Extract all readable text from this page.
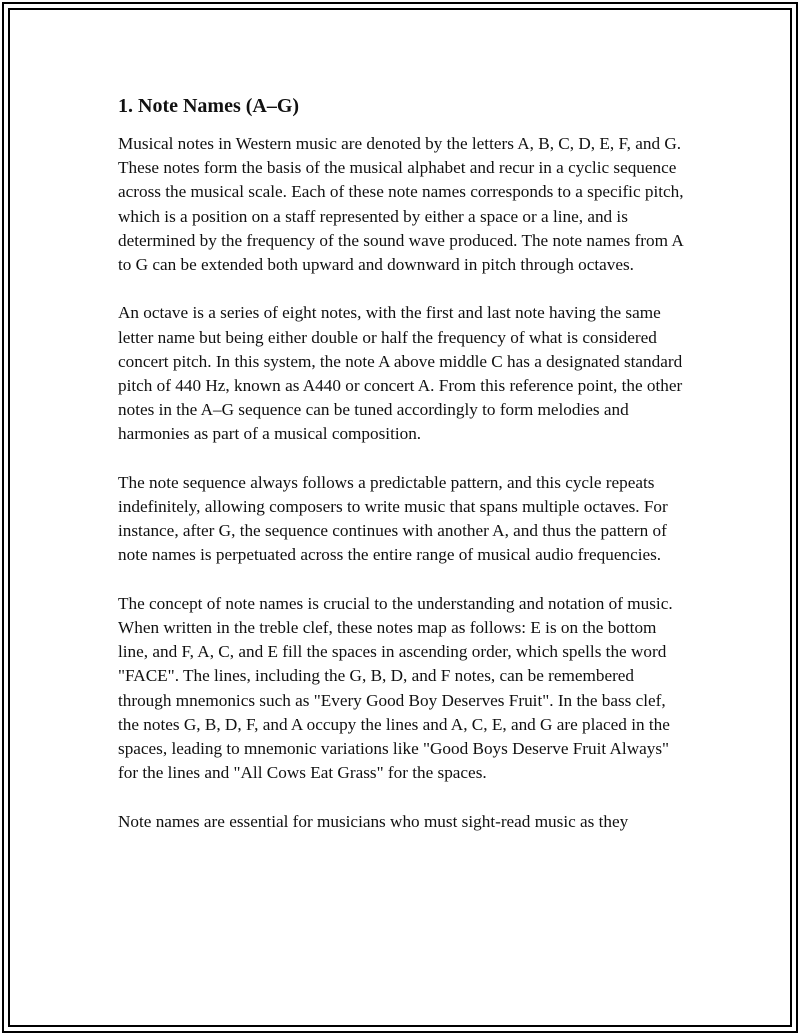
1. Note Names (A–G)

Musical notes in Western music are denoted by the letters A, B, C, D, E, F, and G. These notes form the basis of the musical alphabet and recur in a cyclic sequence across the musical scale. Each of these note names corresponds to a specific pitch, which is a position on a staff represented by either a space or a line, and is determined by the frequency of the sound wave produced. The note names from A to G can be extended both upward and downward in pitch through octaves.

An octave is a series of eight notes, with the first and last note having the same letter name but being either double or half the frequency of what is considered concert pitch. In this system, the note A above middle C has a designated standard pitch of 440 Hz, known as A440 or concert A. From this reference point, the other notes in the A–G sequence can be tuned accordingly to form melodies and harmonies as part of a musical composition.

The note sequence always follows a predictable pattern, and this cycle repeats indefinitely, allowing composers to write music that spans multiple octaves. For instance, after G, the sequence continues with another A, and thus the pattern of note names is perpetuated across the entire range of musical audio frequencies.

The concept of note names is crucial to the understanding and notation of music. When written in the treble clef, these notes map as follows: E is on the bottom line, and F, A, C, and E fill the spaces in ascending order, which spells the word "FACE". The lines, including the G, B, D, and F notes, can be remembered through mnemonics such as "Every Good Boy Deserves Fruit". In the bass clef, the notes G, B, D, F, and A occupy the lines and A, C, E, and G are placed in the spaces, leading to mnemonic variations like "Good Boys Deserve Fruit Always" for the lines and "All Cows Eat Grass" for the spaces.

Note names are essential for musicians who must sight-read music as they
